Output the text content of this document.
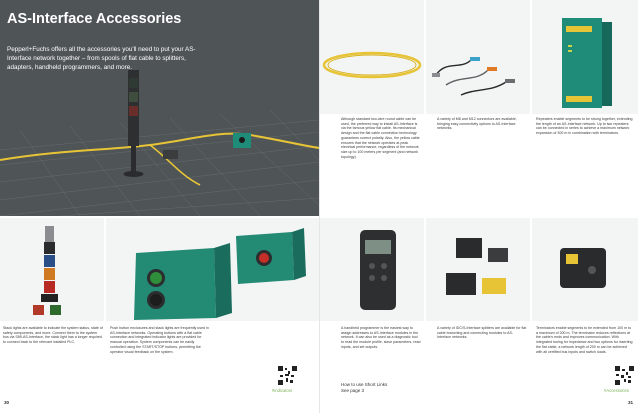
AS-Interface Accessories
Pepperl+Fuchs offers all the accessories you'll need to put your AS-Interface network together – from spools of flat cable to splitters, adapters, handheld programmers, and more.
Stack lights are available to indicate the system status, state of safety components, and more. Connect them to the system bus via S89-AS-Interface, the stack light has a longer required to connect back to the relevant installed PLC.
Push button enclosures and stack lights are frequently used in AS-Interface networks. Operating buttons with a flat cable connection and integrated indicator lights are provided for manual operation. System components can be easily controlled using the START/STOP buttons, permitting the operator visual feedback on the system.
#indicators
30
Although standard two-wire round cable can be used, the preferred way to install AS-Interface is via the famous yellow flat cable. Its mechanical design and the flat cable connection technology guarantees correct polarity. Also, the yellow cable ensures that the network operates at peak electrical performance, regardless of the network size up to 100 meters per segment (and network topology).
A variety of M8 and M12 connectors are available, bringing easy connectivity options to AS-Interface networks.
Repeaters enable segments to be strung together, extending the length of an AS-Interface network. Up to two repeaters can be connected in series to achieve a maximum network expansion of 300 m in combination with terminators.
A handheld programmer is the easiest way to assign addresses to AS-Interface modules in the network. It can also be used as a diagnostic tool to read the module profile, slave parameters, read inputs, and set outputs.
A variety of IDC/S-Interface splitters are available for flat cable branching and connecting modules to AS-Interface networks.
Terminators enable segments to be extended from 100 m to a maximum of 200 m. The terminator reduces reflections at the cable's ends and improves communication. With integrated tuning for impedance and two options for inserting the flat cable, a network length of 200 m can be achieved with all certified bus inputs and switch loads.
How to use Short Links
See page 3	#Accessories
31
